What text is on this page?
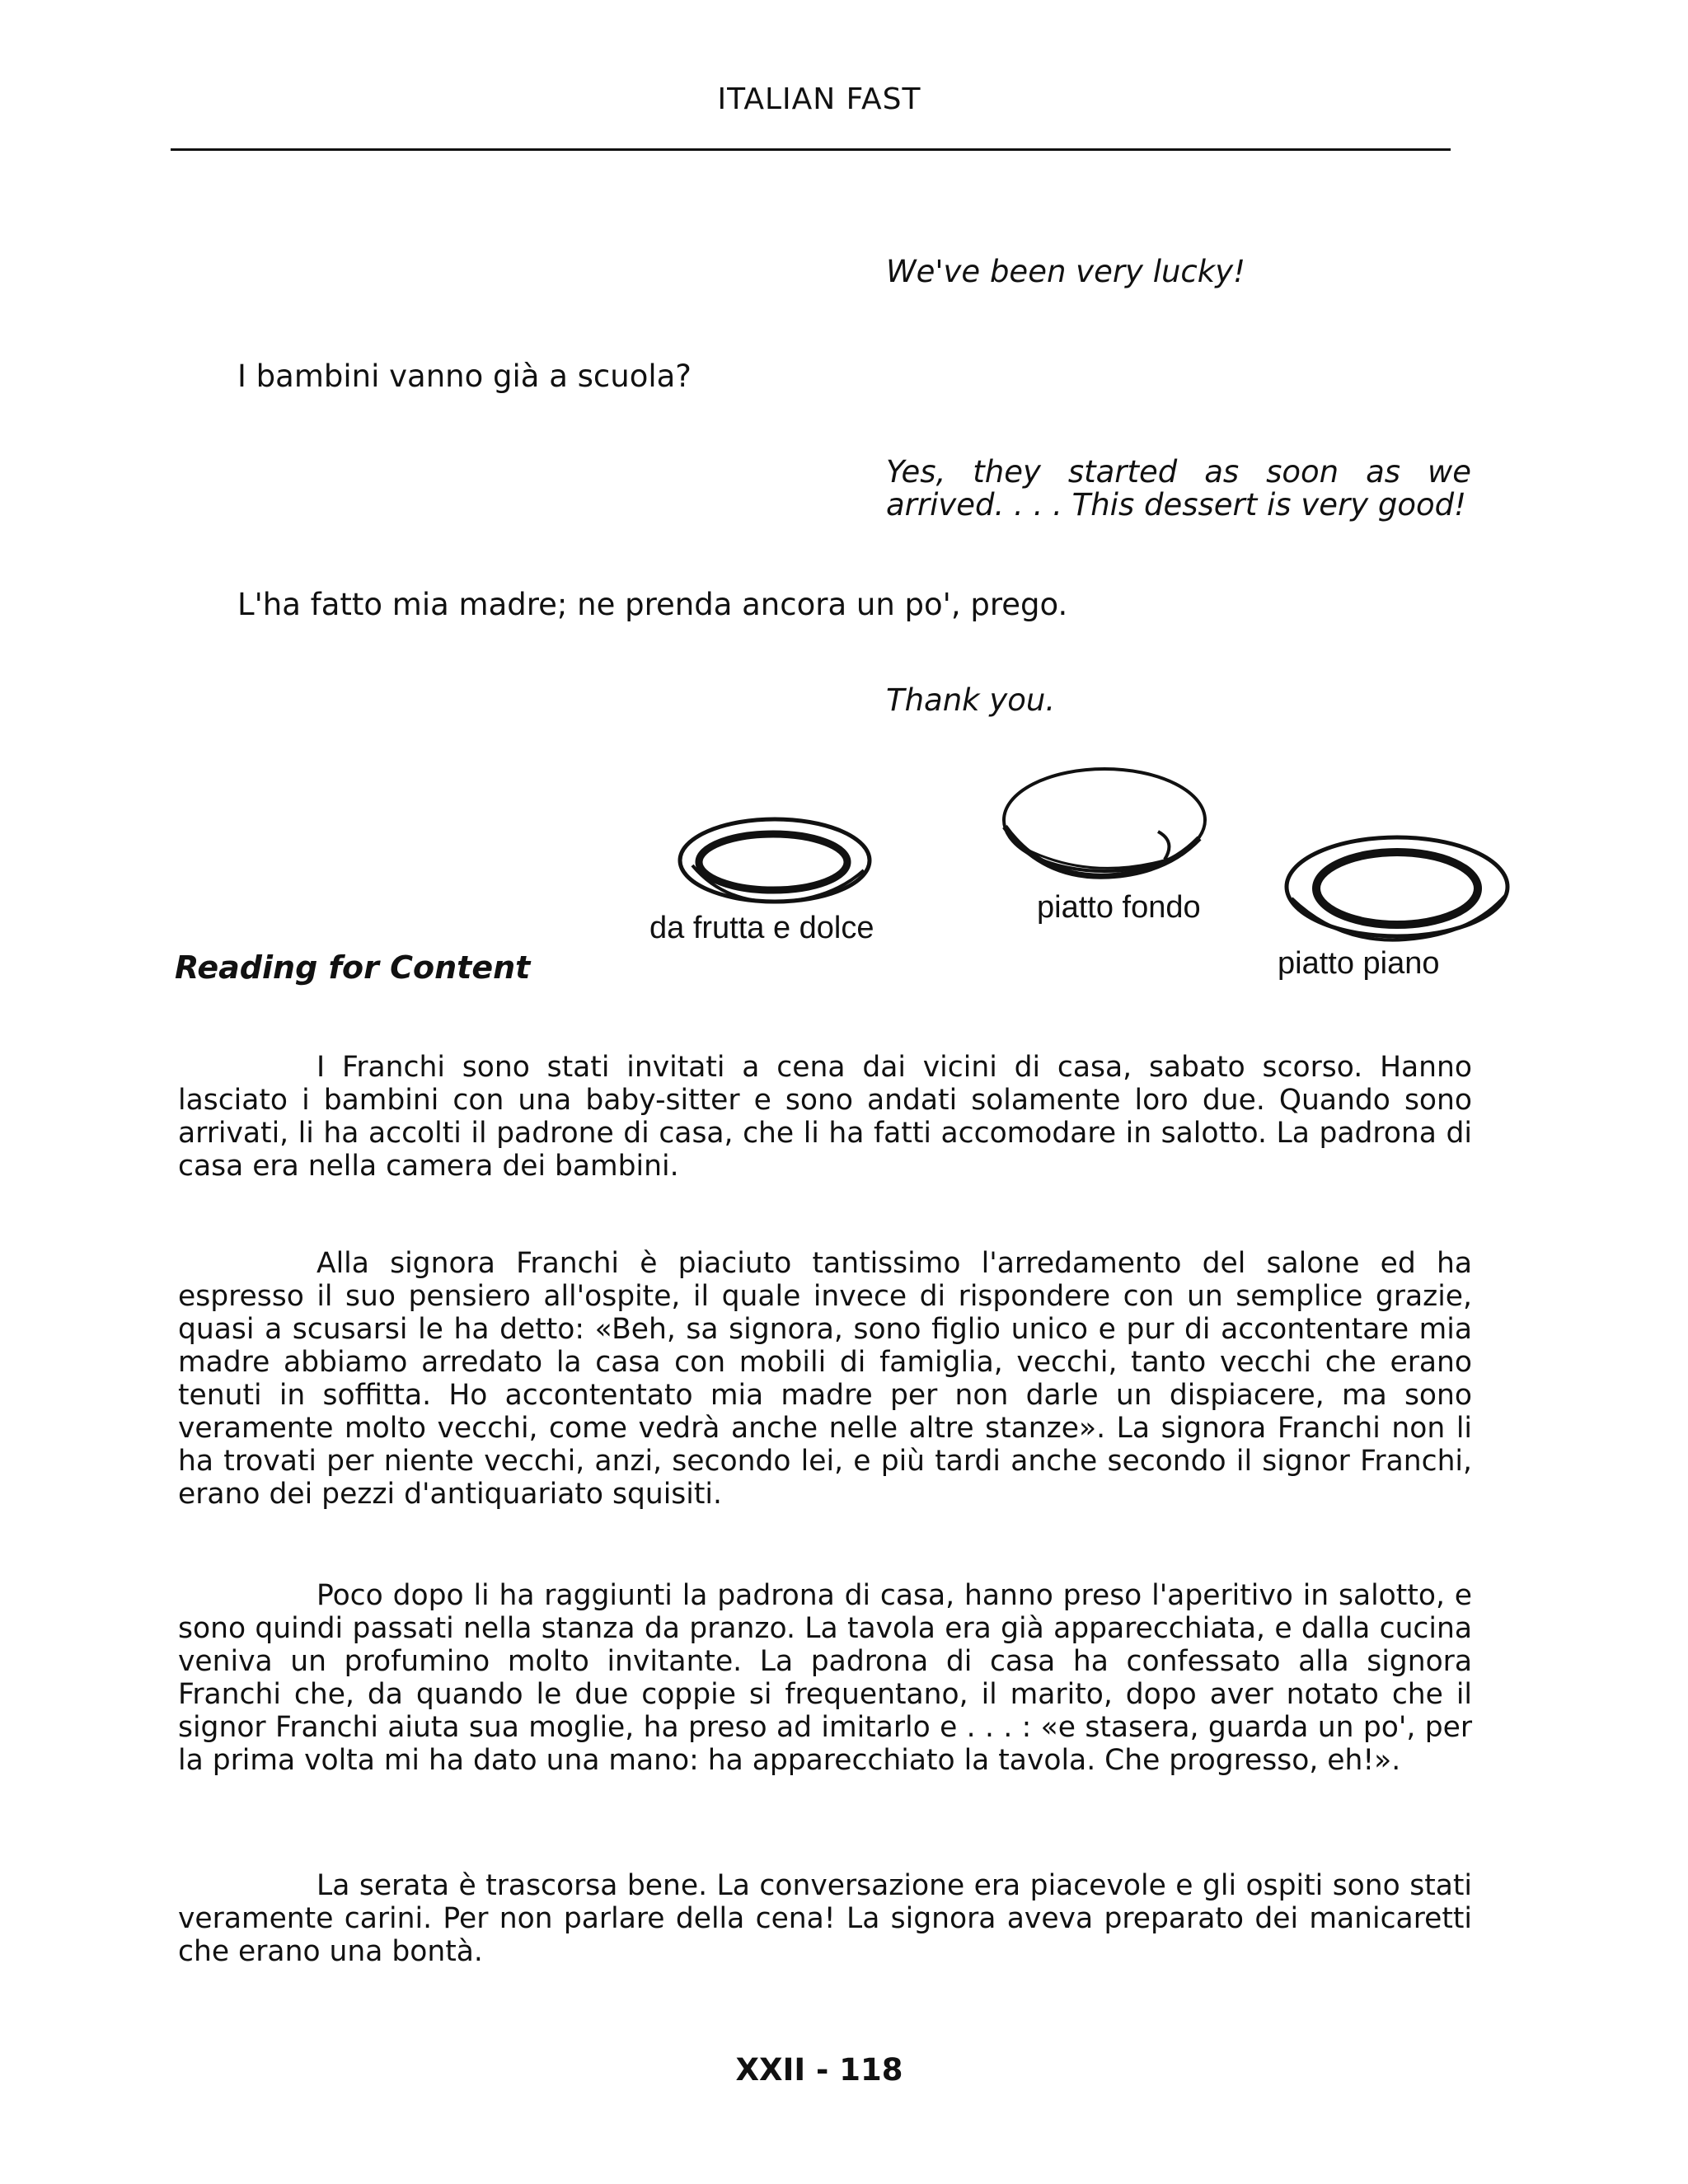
ITALIAN FAST

We've been very lucky!

I bambini vanno già a scuola?

Yes, they started as soon as we arrived. . . . This dessert is very good!

L'ha fatto mia madre; ne prenda ancora un po', prego.

Thank you.

da frutta e dolce
piatto fondo
piatto piano
Reading for Content

I Franchi sono stati invitati a cena dai vicini di casa, sabato scorso. Hanno lasciato i bambini con una baby-sitter e sono andati solamente loro due. Quando sono arrivati, li ha accolti il padrone di casa, che li ha fatti accomodare in salotto. La padrona di casa era nella camera dei bambini.

Alla signora Franchi è piaciuto tantissimo l'arredamento del salone ed ha espresso il suo pensiero all'ospite, il quale invece di rispondere con un semplice grazie, quasi a scusarsi le ha detto: «Beh, sa signora, sono figlio unico e pur di accontentare mia madre abbiamo arredato la casa con mobili di famiglia, vecchi, tanto vecchi che erano tenuti in soffitta. Ho accontentato mia madre per non darle un dispiacere, ma sono veramente molto vecchi, come vedrà anche nelle altre stanze». La signora Franchi non li ha trovati per niente vecchi, anzi, secondo lei, e più tardi anche secondo il signor Franchi, erano dei pezzi d'antiquariato squisiti.

Poco dopo li ha raggiunti la padrona di casa, hanno preso l'aperitivo in salotto, e sono quindi passati nella stanza da pranzo. La tavola era già apparecchiata, e dalla cucina veniva un profumino molto invitante. La padrona di casa ha confessato alla signora Franchi che, da quando le due coppie si frequentano, il marito, dopo aver notato che il signor Franchi aiuta sua moglie, ha preso ad imitarlo e . . . : «e stasera, guarda un po', per la prima volta mi ha dato una mano: ha apparecchiato la tavola. Che progresso, eh!».

La serata è trascorsa bene. La conversazione era piacevole e gli ospiti sono stati veramente carini. Per non parlare della cena! La signora aveva preparato dei manicaretti che erano una bontà.

XXII - 118
